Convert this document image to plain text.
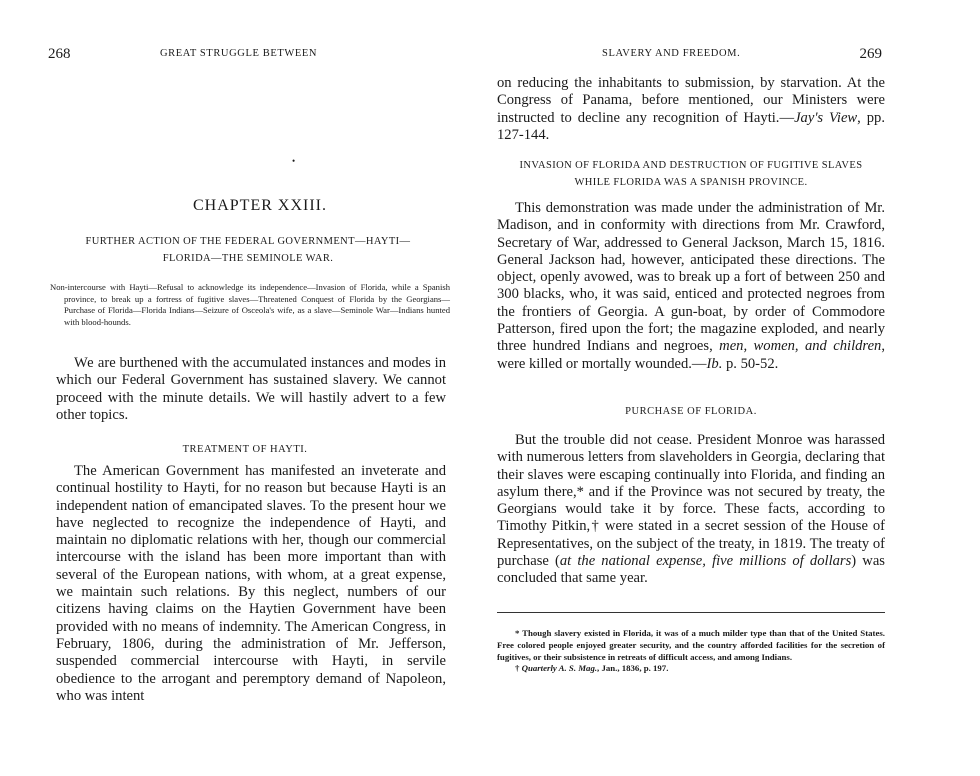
268	GREAT STRUGGLE BETWEEN
•
CHAPTER XXIII.
FURTHER ACTION OF THE FEDERAL GOVERNMENT—HAYTI—
FLORIDA—THE SEMINOLE WAR.

Non-intercourse with Hayti—Refusal to acknowledge its independence—Invasion of Florida, while a Spanish province, to break up a fortress of fugitive slaves—Threatened Conquest of Florida by the Georgians—Purchase of Florida—Florida Indians—Seizure of Osceola's wife, as a slave—Seminole War—Indians hunted with blood-hounds.

We are burthened with the accumulated instances and modes in which our Federal Government has sustained slavery. We cannot proceed with the minute details. We will hastily advert to a few other topics.

TREATMENT OF HAYTI.

The American Government has manifested an inveterate and continual hostility to Hayti, for no reason but because Hayti is an independent nation of emancipated slaves. To the present hour we have neglected to recognize the independence of Hayti, and maintain no diplomatic relations with her, though our commercial intercourse with the island has been more important than with several of the European nations, with whom, at a great expense, we maintain such relations. By this neglect, numbers of our citizens having claims on the Haytien Government have been provided with no means of indemnity. The American Congress, in February, 1806, during the administration of Mr. Jefferson, suspended commercial intercourse with Hayti, in servile obedience to the arrogant and peremptory demand of Napoleon, who was intent

SLAVERY AND FREEDOM.	269

on reducing the inhabitants to submission, by starvation. At the Congress of Panama, before mentioned, our Ministers were instructed to decline any recognition of Hayti.—Jay's View, pp. 127-144.

INVASION OF FLORIDA AND DESTRUCTION OF FUGITIVE SLAVES
WHILE FLORIDA WAS A SPANISH PROVINCE.

This demonstration was made under the administration of Mr. Madison, and in conformity with directions from Mr. Crawford, Secretary of War, addressed to General Jackson, March 15, 1816. General Jackson had, however, anticipated these directions. The object, openly avowed, was to break up a fort of between 250 and 300 blacks, who, it was said, enticed and protected negroes from the frontiers of Georgia. A gun-boat, by order of Commodore Patterson, fired upon the fort; the magazine exploded, and nearly three hundred Indians and negroes, men, women, and children, were killed or mortally wounded.—Ib. p. 50-52.

PURCHASE OF FLORIDA.

But the trouble did not cease. President Monroe was harassed with numerous letters from slaveholders in Georgia, declaring that their slaves were escaping continually into Florida, and finding an asylum there,* and if the Province was not secured by treaty, the Georgians would take it by force. These facts, according to Timothy Pitkin,† were stated in a secret session of the House of Representatives, on the subject of the treaty, in 1819. The treaty of purchase (at the national expense, five millions of dollars) was concluded that same year.

* Though slavery existed in Florida, it was of a much milder type than that of the United States. Free colored people enjoyed greater security, and the country afforded facilities for the secretion of fugitives, or their subsistence in retreats of difficult access, and among Indians.

† Quarterly A. S. Mag., Jan., 1836, p. 197.
